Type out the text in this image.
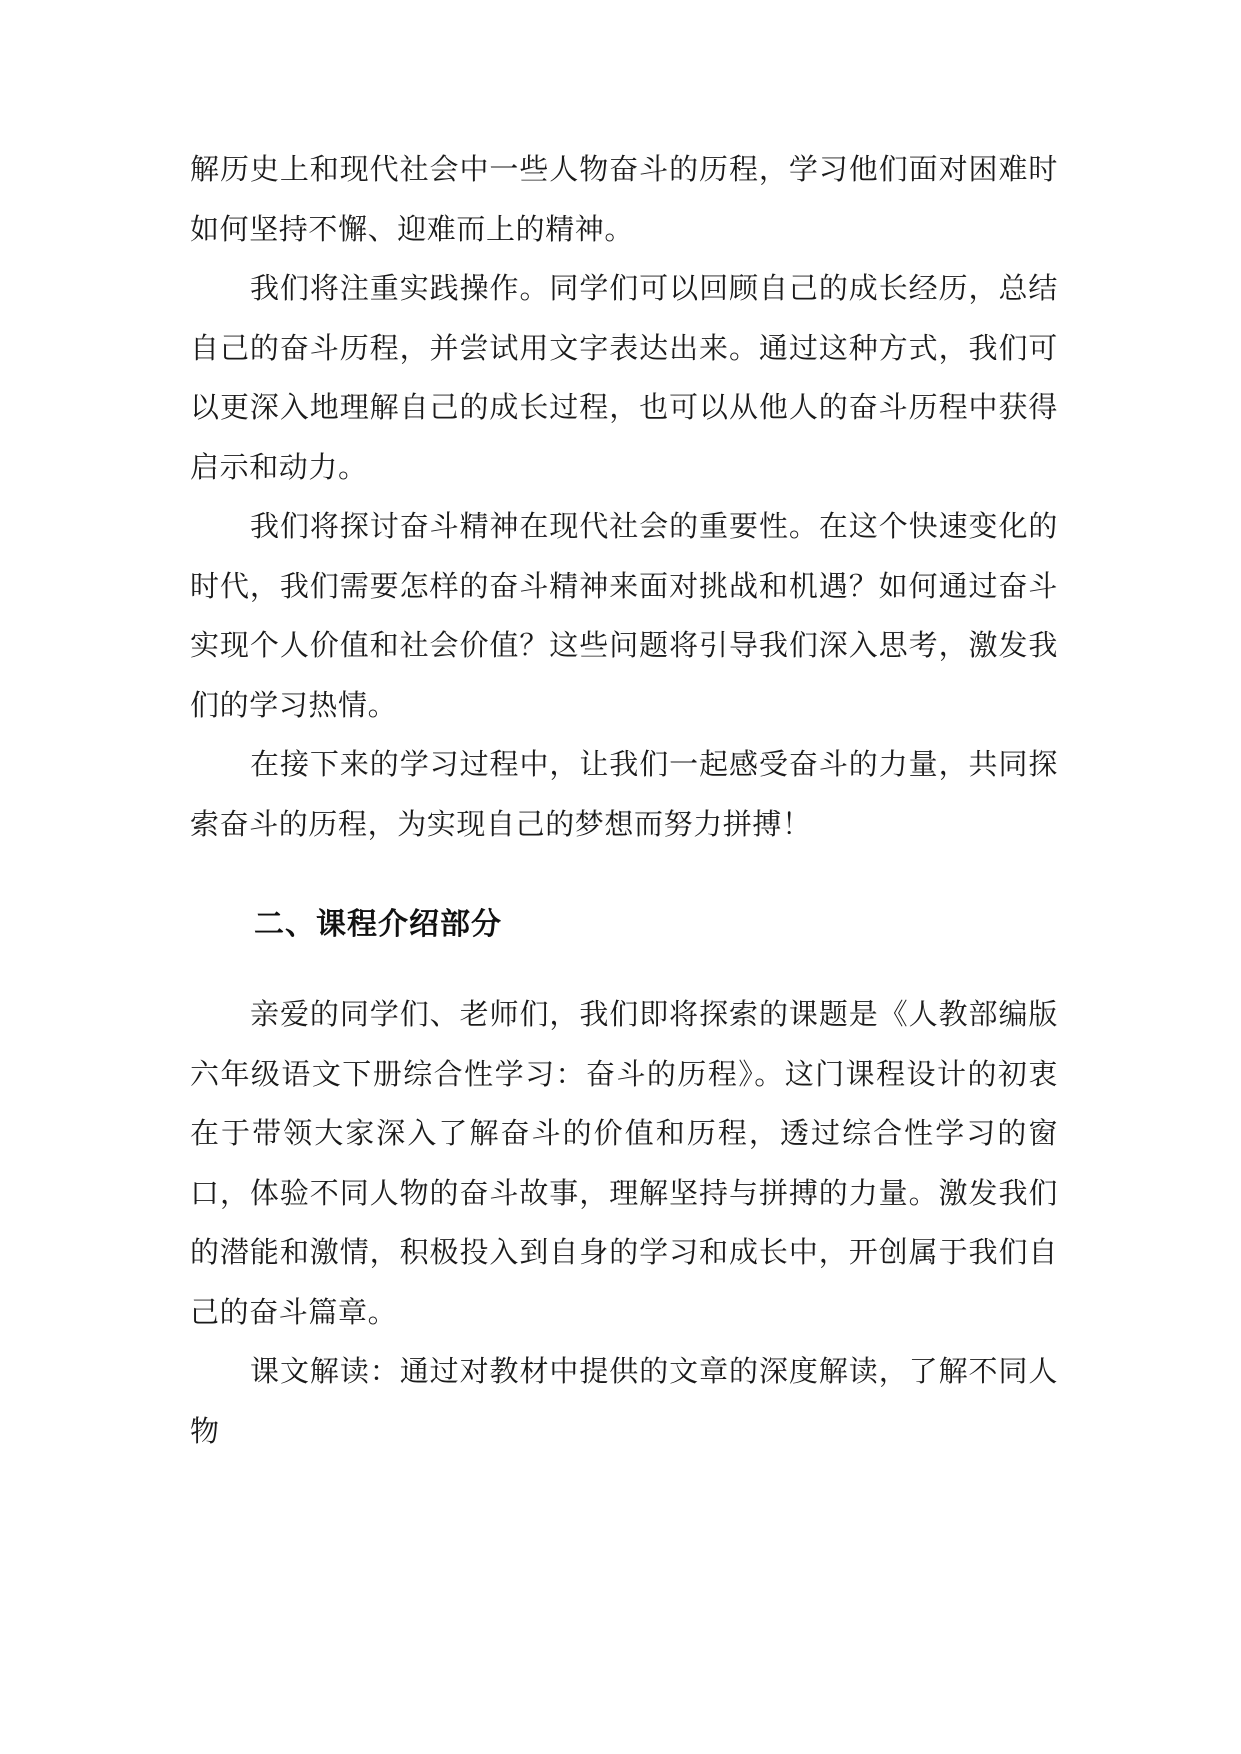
解历史上和现代社会中一些人物奋斗的历程，学习他们面对困难时如何坚持不懈、迎难而上的精神。

我们将注重实践操作。同学们可以回顾自己的成长经历，总结自己的奋斗历程，并尝试用文字表达出来。通过这种方式，我们可以更深入地理解自己的成长过程，也可以从他人的奋斗历程中获得启示和动力。

我们将探讨奋斗精神在现代社会的重要性。在这个快速变化的时代，我们需要怎样的奋斗精神来面对挑战和机遇？如何通过奋斗实现个人价值和社会价值？这些问题将引导我们深入思考，激发我们的学习热情。

在接下来的学习过程中，让我们一起感受奋斗的力量，共同探索奋斗的历程，为实现自己的梦想而努力拼搏！

二、课程介绍部分

亲爱的同学们、老师们，我们即将探索的课题是《人教部编版六年级语文下册综合性学习：奋斗的历程》。这门课程设计的初衷在于带领大家深入了解奋斗的价值和历程，透过综合性学习的窗口，体验不同人物的奋斗故事，理解坚持与拼搏的力量。激发我们的潜能和激情，积极投入到自身的学习和成长中，开创属于我们自己的奋斗篇章。

课文解读：通过对教材中提供的文章的深度解读，了解不同人物
